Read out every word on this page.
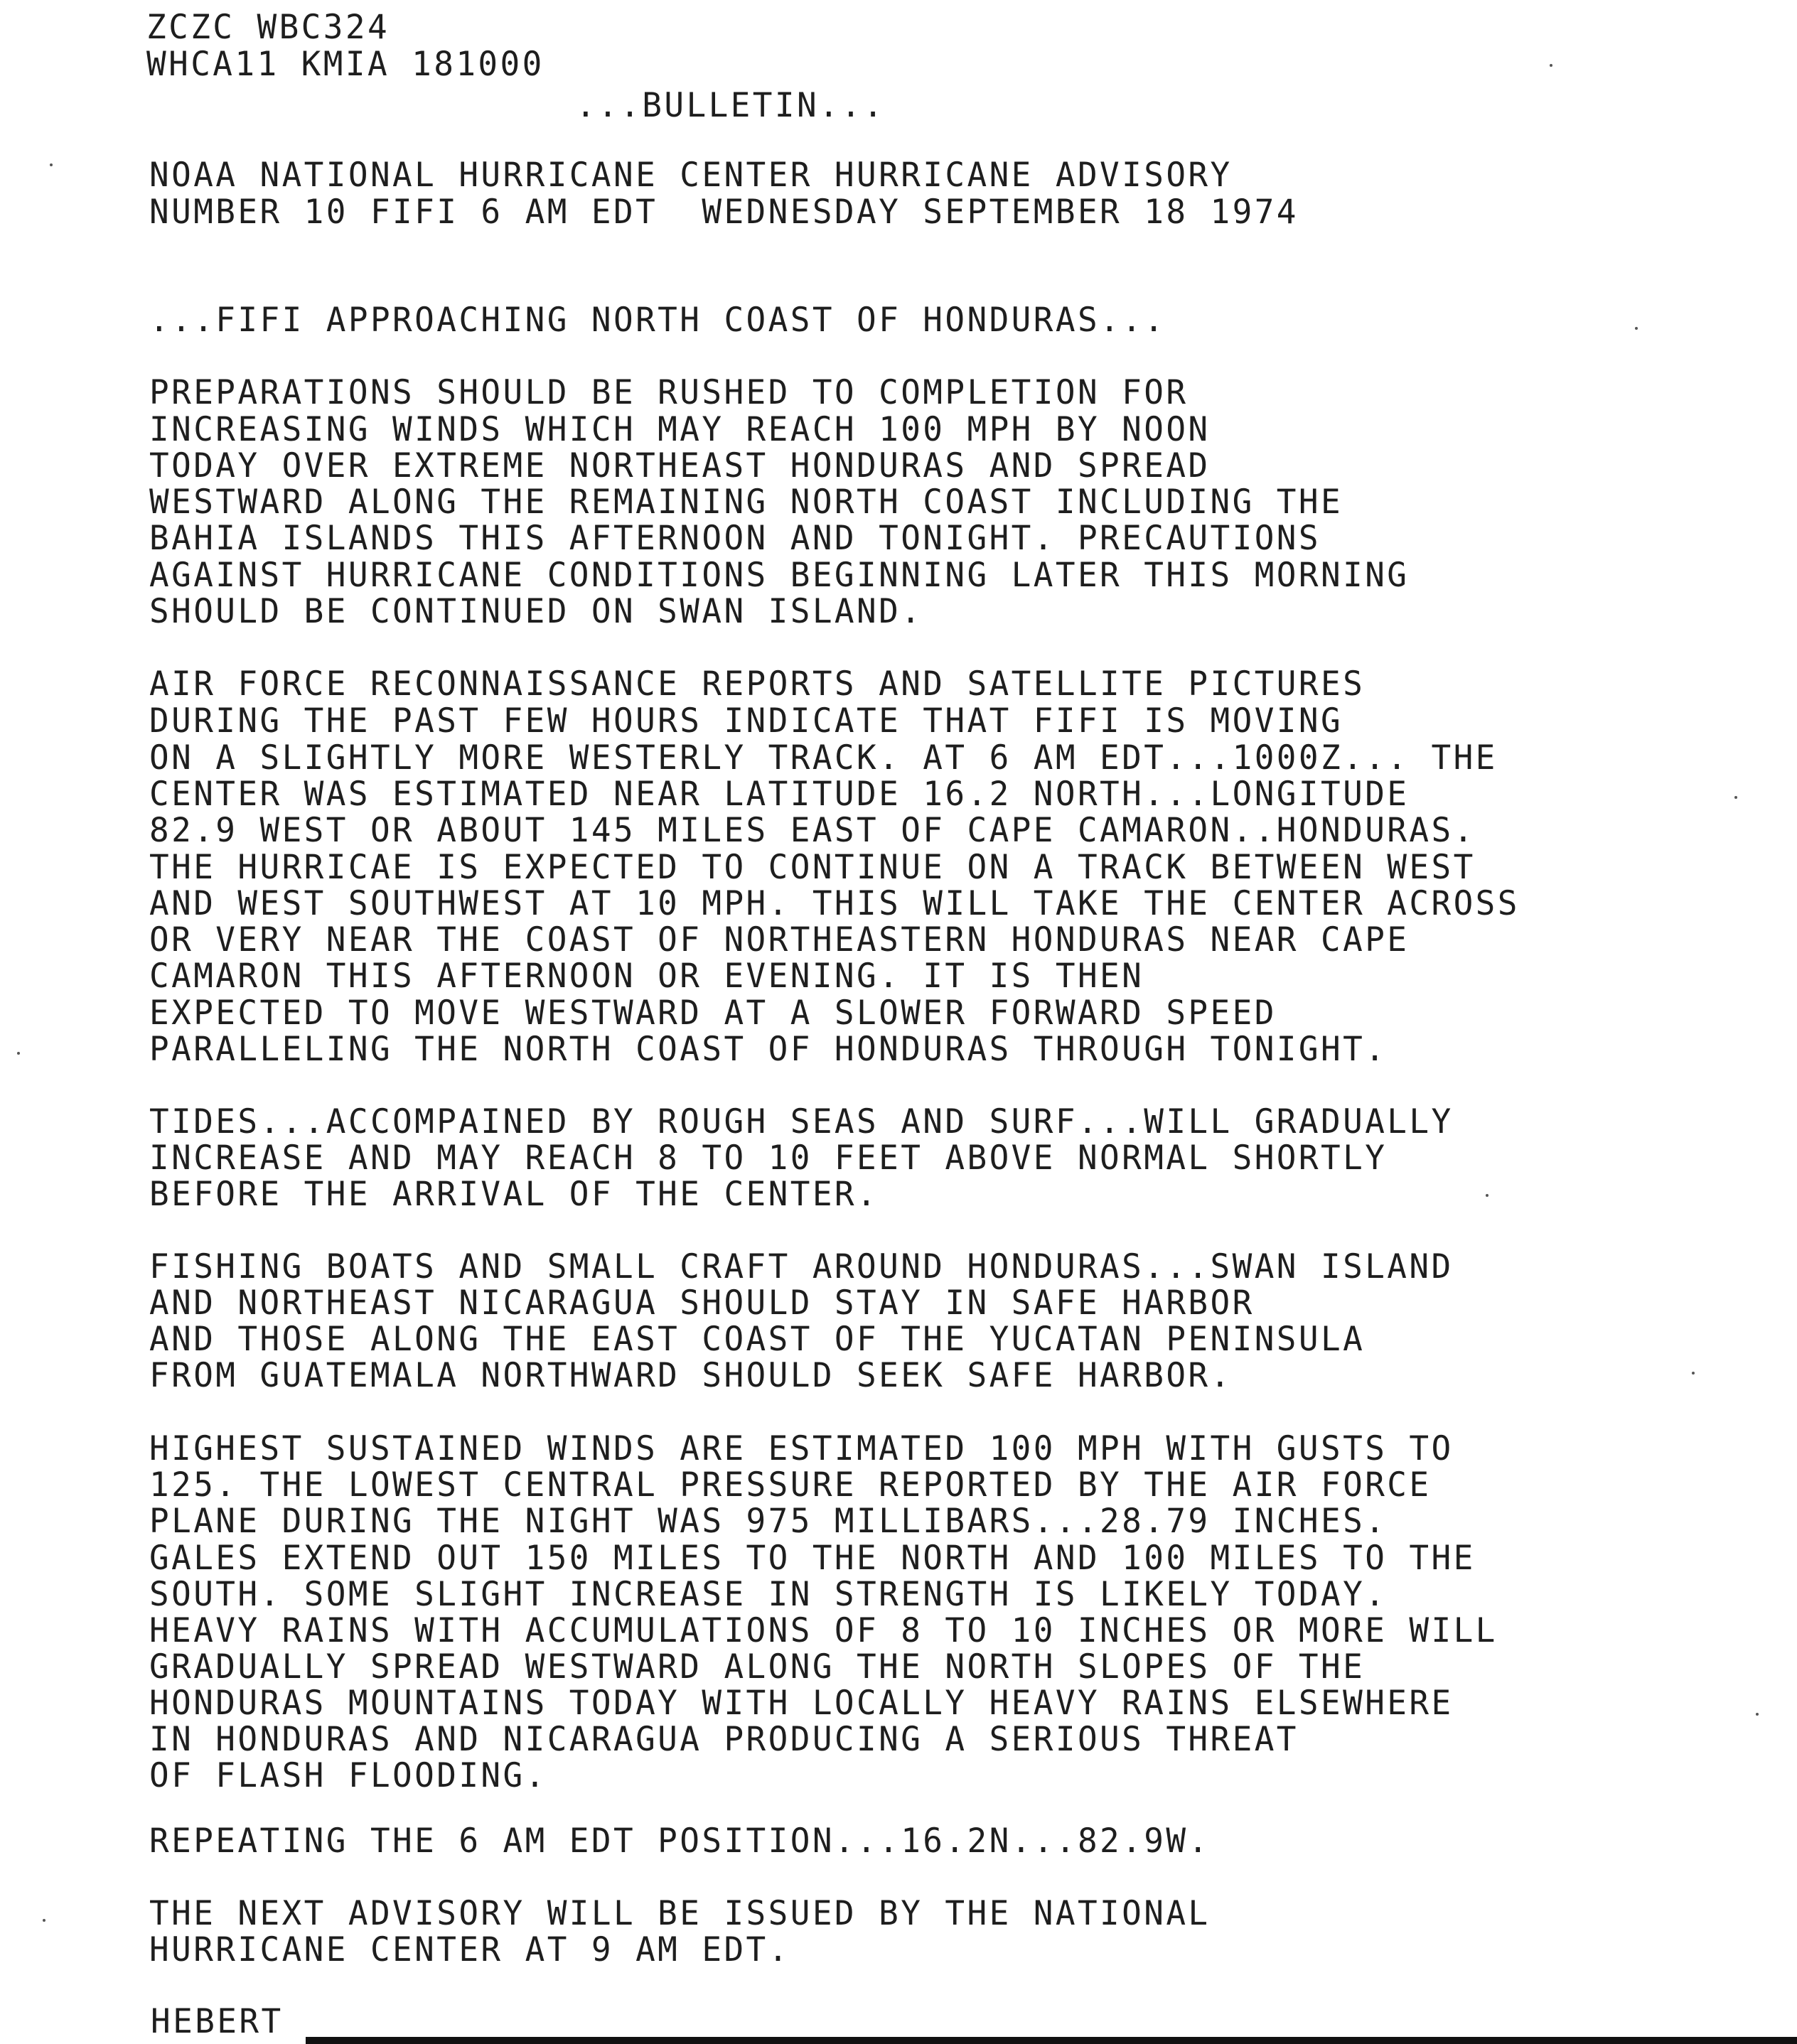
ZCZC WBC324
WHCA11 KMIA 181000
...BULLETIN...
NOAA NATIONAL HURRICANE CENTER HURRICANE ADVISORY
NUMBER 10 FIFI 6 AM EDT  WEDNESDAY SEPTEMBER 18 1974
...FIFI APPROACHING NORTH COAST OF HONDURAS...
PREPARATIONS SHOULD BE RUSHED TO COMPLETION FOR
INCREASING WINDS WHICH MAY REACH 100 MPH BY NOON
TODAY OVER EXTREME NORTHEAST HONDURAS AND SPREAD
WESTWARD ALONG THE REMAINING NORTH COAST INCLUDING THE
BAHIA ISLANDS THIS AFTERNOON AND TONIGHT. PRECAUTIONS
AGAINST HURRICANE CONDITIONS BEGINNING LATER THIS MORNING
SHOULD BE CONTINUED ON SWAN ISLAND.
AIR FORCE RECONNAISSANCE REPORTS AND SATELLITE PICTURES
DURING THE PAST FEW HOURS INDICATE THAT FIFI IS MOVING
ON A SLIGHTLY MORE WESTERLY TRACK. AT 6 AM EDT...1000Z... THE
CENTER WAS ESTIMATED NEAR LATITUDE 16.2 NORTH...LONGITUDE
82.9 WEST OR ABOUT 145 MILES EAST OF CAPE CAMARON..HONDURAS.
THE HURRICAE IS EXPECTED TO CONTINUE ON A TRACK BETWEEN WEST
AND WEST SOUTHWEST AT 10 MPH. THIS WILL TAKE THE CENTER ACROSS
OR VERY NEAR THE COAST OF NORTHEASTERN HONDURAS NEAR CAPE
CAMARON THIS AFTERNOON OR EVENING. IT IS THEN
EXPECTED TO MOVE WESTWARD AT A SLOWER FORWARD SPEED
PARALLELING THE NORTH COAST OF HONDURAS THROUGH TONIGHT.
TIDES...ACCOMPAINED BY ROUGH SEAS AND SURF...WILL GRADUALLY
INCREASE AND MAY REACH 8 TO 10 FEET ABOVE NORMAL SHORTLY
BEFORE THE ARRIVAL OF THE CENTER.
FISHING BOATS AND SMALL CRAFT AROUND HONDURAS...SWAN ISLAND
AND NORTHEAST NICARAGUA SHOULD STAY IN SAFE HARBOR
AND THOSE ALONG THE EAST COAST OF THE YUCATAN PENINSULA
FROM GUATEMALA NORTHWARD SHOULD SEEK SAFE HARBOR.
HIGHEST SUSTAINED WINDS ARE ESTIMATED 100 MPH WITH GUSTS TO
125. THE LOWEST CENTRAL PRESSURE REPORTED BY THE AIR FORCE
PLANE DURING THE NIGHT WAS 975 MILLIBARS...28.79 INCHES.
GALES EXTEND OUT 150 MILES TO THE NORTH AND 100 MILES TO THE
SOUTH. SOME SLIGHT INCREASE IN STRENGTH IS LIKELY TODAY.
HEAVY RAINS WITH ACCUMULATIONS OF 8 TO 10 INCHES OR MORE WILL
GRADUALLY SPREAD WESTWARD ALONG THE NORTH SLOPES OF THE
HONDURAS MOUNTAINS TODAY WITH LOCALLY HEAVY RAINS ELSEWHERE
IN HONDURAS AND NICARAGUA PRODUCING A SERIOUS THREAT
OF FLASH FLOODING.
REPEATING THE 6 AM EDT POSITION...16.2N...82.9W.
THE NEXT ADVISORY WILL BE ISSUED BY THE NATIONAL
HURRICANE CENTER AT 9 AM EDT.
HEBERT
